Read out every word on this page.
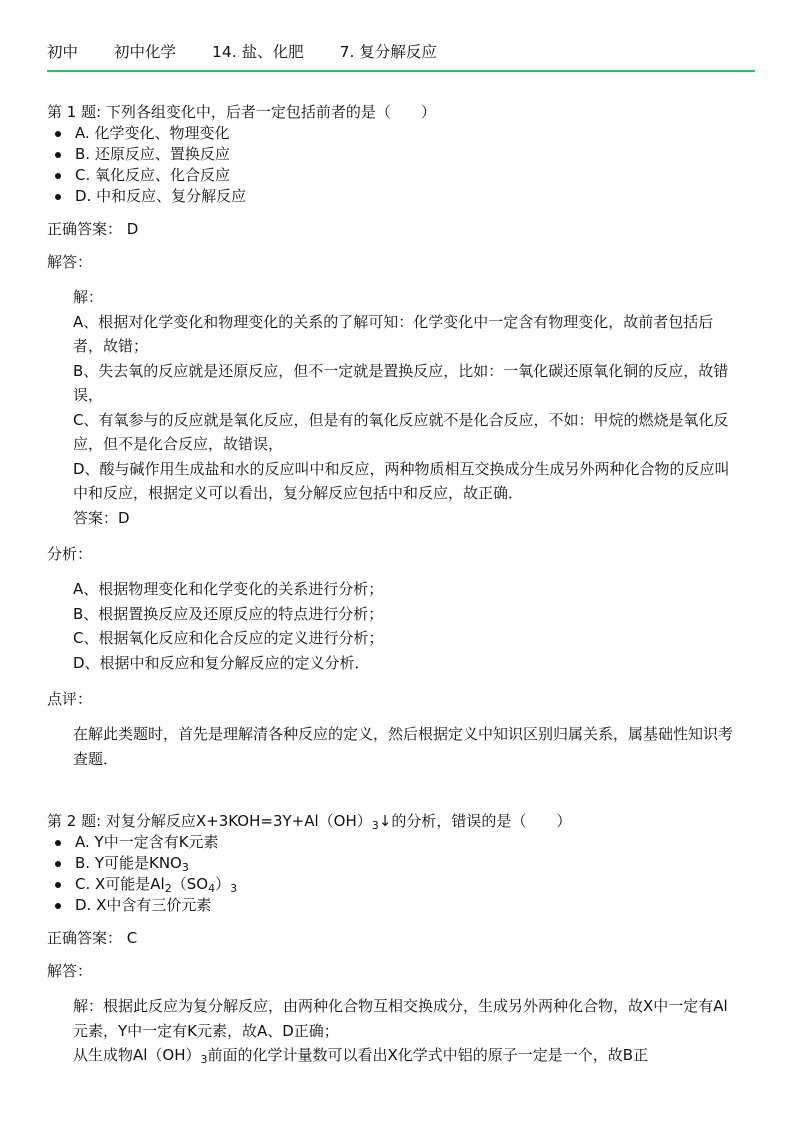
初中 初中化学 14. 盐、化肥 7. 复分解反应

第 1 题: 下列各组变化中，后者一定包括前者的是（　　）

A. 化学变化、物理变化
B. 还原反应、置换反应
C. 氧化反应、化合反应
D. 中和反应、复分解反应
正确答案： D
解答：

解：

A、根据对化学变化和物理变化的关系的了解可知：化学变化中一定含有物理变化，故前者包括后者，故错；

B、失去氧的反应就是还原反应，但不一定就是置换反应，比如：一氧化碳还原氧化铜的反应，故错误，

C、有氧参与的反应就是氧化反应，但是有的氧化反应就不是化合反应，不如：甲烷的燃烧是氧化反应，但不是化合反应，故错误，

D、酸与碱作用生成盐和水的反应叫中和反应，两种物质相互交换成分生成另外两种化合物的反应叫中和反应，根据定义可以看出，复分解反应包括中和反应，故正确．

答案：D

分析：

A、根据物理变化和化学变化的关系进行分析；

B、根据置换反应及还原反应的特点进行分析；

C、根据氧化反应和化合反应的定义进行分析；

D、根据中和反应和复分解反应的定义分析．

点评：

在解此类题时，首先是理解清各种反应的定义，然后根据定义中知识区别归属关系，属基础性知识考查题．

第 2 题: 对复分解反应$X+3KOH=3Y+Al(OH)_3↓$的分析，错误的是（　　）

A. Y中一定含有K元素
B. Y可能是$KNO_3$
C. X可能是$Al_2(SO_4)_3$
D. X中含有三价元素
正确答案： C
解答：

解：根据此反应为复分解反应，由两种化合物互相交换成分，生成另外两种化合物，故X中一定有Al元素，Y中一定有K元素，故A、D正确；

从生成物$Al(OH)_3$前面的化学计量数可以看出X化学式中铝的原子一定是一个，故B正
